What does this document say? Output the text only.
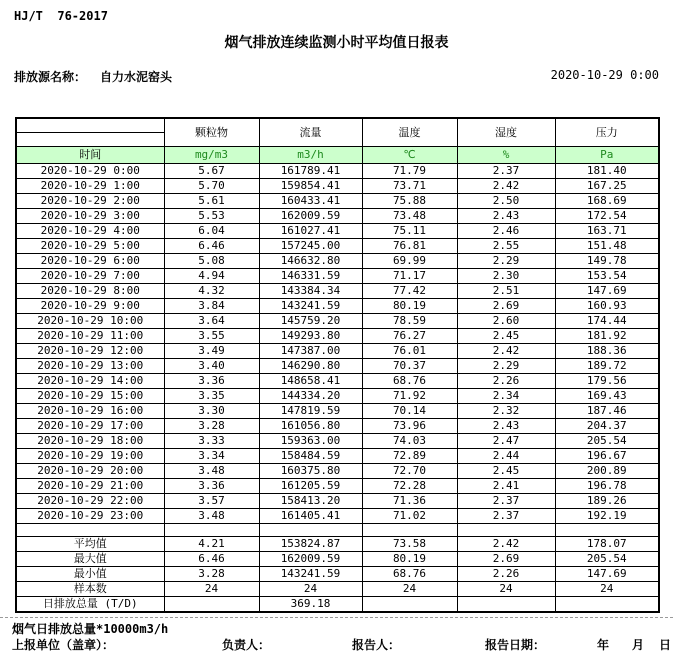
HJ/T  76-2017
烟气排放连续监测小时平均值日报表
排放源名称： 自力水泥窑头	2020-10-29 0:00
	颗粒物	流量	温度	湿度	压力

时间	mg/m3	m3/h	℃	%	Pa
2020-10-29 0:00	5.67	161789.41	71.79	2.37	181.40
2020-10-29 1:00	5.70	159854.41	73.71	2.42	167.25
2020-10-29 2:00	5.61	160433.41	75.88	2.50	168.69
2020-10-29 3:00	5.53	162009.59	73.48	2.43	172.54
2020-10-29 4:00	6.04	161027.41	75.11	2.46	163.71
2020-10-29 5:00	6.46	157245.00	76.81	2.55	151.48
2020-10-29 6:00	5.08	146632.80	69.99	2.29	149.78
2020-10-29 7:00	4.94	146331.59	71.17	2.30	153.54
2020-10-29 8:00	4.32	143384.34	77.42	2.51	147.69
2020-10-29 9:00	3.84	143241.59	80.19	2.69	160.93
2020-10-29 10:00	3.64	145759.20	78.59	2.60	174.44
2020-10-29 11:00	3.55	149293.80	76.27	2.45	181.92
2020-10-29 12:00	3.49	147387.00	76.01	2.42	188.36
2020-10-29 13:00	3.40	146290.80	70.37	2.29	189.72
2020-10-29 14:00	3.36	148658.41	68.76	2.26	179.56
2020-10-29 15:00	3.35	144334.20	71.92	2.34	169.43
2020-10-29 16:00	3.30	147819.59	70.14	2.32	187.46
2020-10-29 17:00	3.28	161056.80	73.96	2.43	204.37
2020-10-29 18:00	3.33	159363.00	74.03	2.47	205.54
2020-10-29 19:00	3.34	158484.59	72.89	2.44	196.67
2020-10-29 20:00	3.48	160375.80	72.70	2.45	200.89
2020-10-29 21:00	3.36	161205.59	72.28	2.41	196.78
2020-10-29 22:00	3.57	158413.20	71.36	2.37	189.26
2020-10-29 23:00	3.48	161405.41	71.02	2.37	192.19

平均值	4.21	153824.87	73.58	2.42	178.07
最大值	6.46	162009.59	80.19	2.69	205.54
最小值	3.28	143241.59	68.76	2.26	147.69
样本数	24	24	24	24	24
日排放总量 (T/D)		369.18			
烟气日排放总量*10000m3/h
上报单位（盖章）：	负责人：	报告人：	报告日期：	年 月 日
